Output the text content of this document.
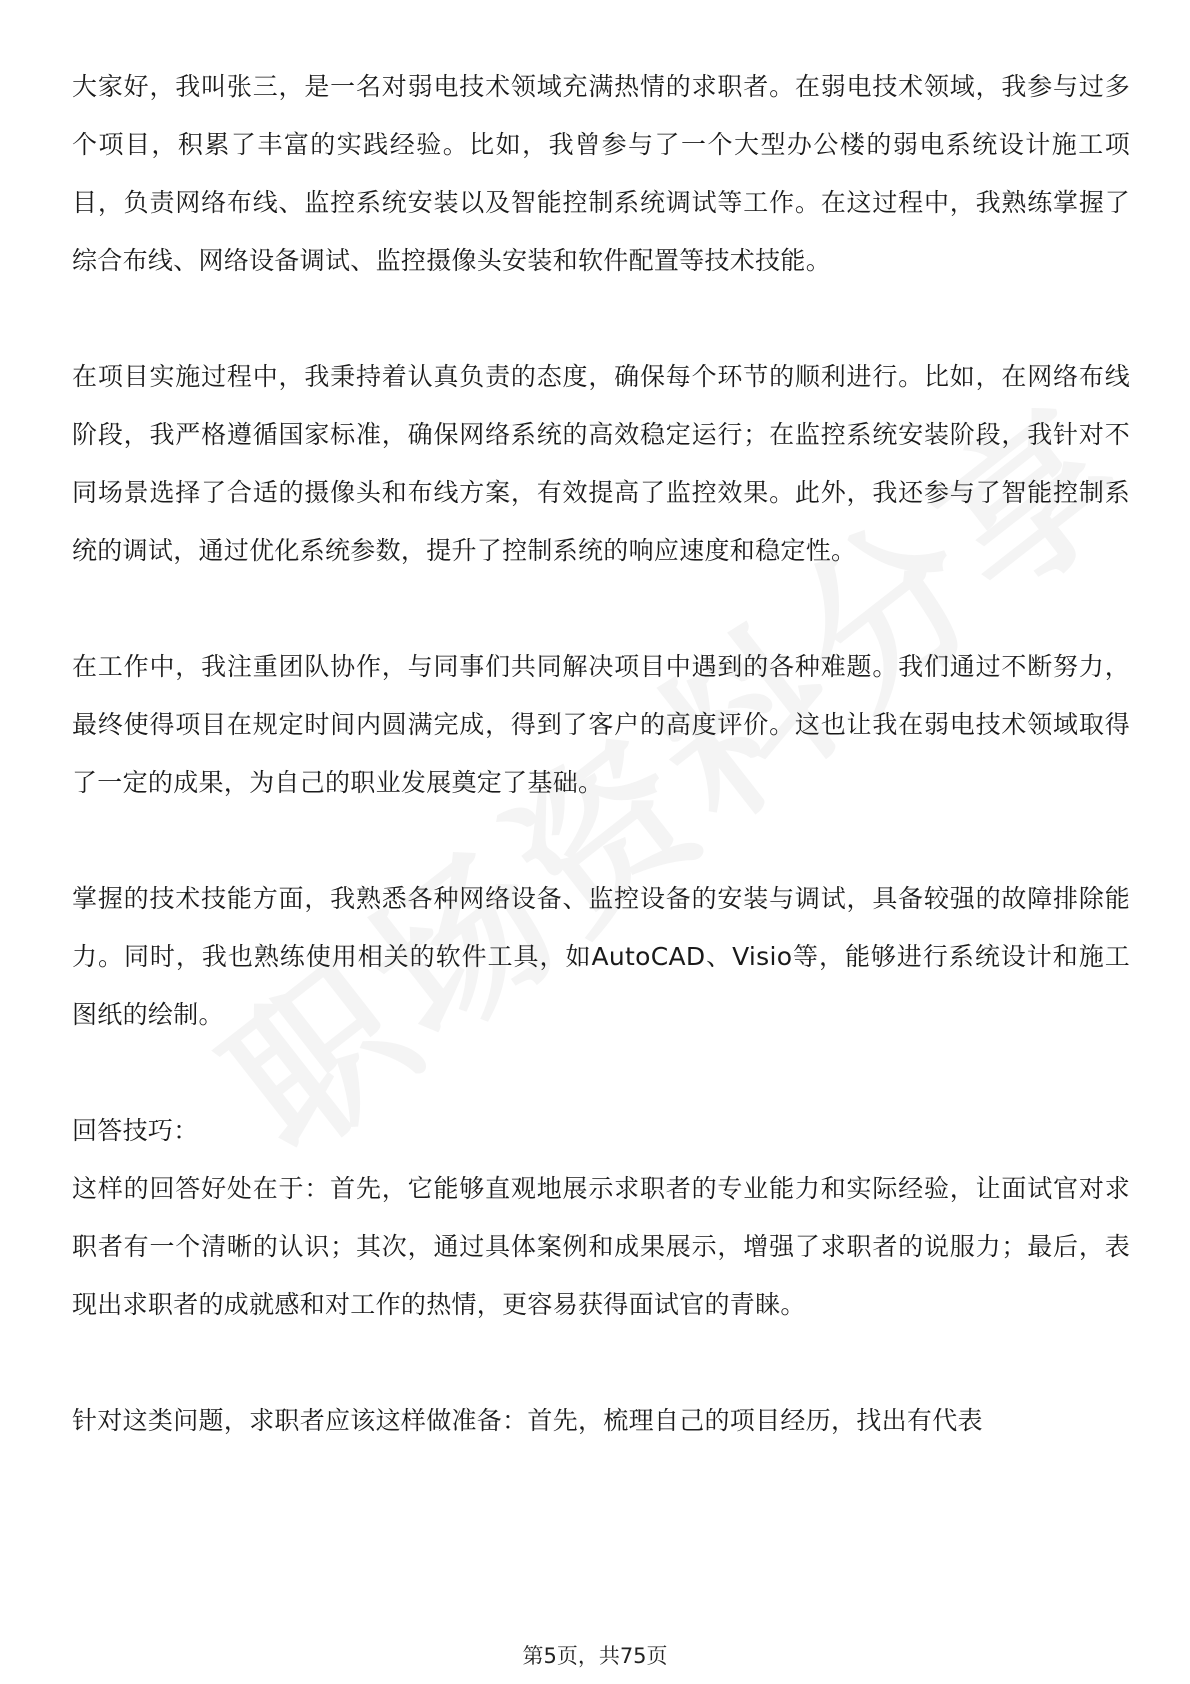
大家好，我叫张三，是一名对弱电技术领域充满热情的求职者。在弱电技术领域，我参与过多个项目，积累了丰富的实践经验。比如，我曾参与了一个大型办公楼的弱电系统设计施工项目，负责网络布线、监控系统安装以及智能控制系统调试等工作。在这过程中，我熟练掌握了综合布线、网络设备调试、监控摄像头安装和软件配置等技术技能。

在项目实施过程中，我秉持着认真负责的态度，确保每个环节的顺利进行。比如，在网络布线阶段，我严格遵循国家标准，确保网络系统的高效稳定运行；在监控系统安装阶段，我针对不同场景选择了合适的摄像头和布线方案，有效提高了监控效果。此外，我还参与了智能控制系统的调试，通过优化系统参数，提升了控制系统的响应速度和稳定性。

在工作中，我注重团队协作，与同事们共同解决项目中遇到的各种难题。我们通过不断努力，最终使得项目在规定时间内圆满完成，得到了客户的高度评价。这也让我在弱电技术领域取得了一定的成果，为自己的职业发展奠定了基础。

掌握的技术技能方面，我熟悉各种网络设备、监控设备的安装与调试，具备较强的故障排除能力。同时，我也熟练使用相关的软件工具，如AutoCAD、Visio等，能够进行系统设计和施工图纸的绘制。

回答技巧：

这样的回答好处在于：首先，它能够直观地展示求职者的专业能力和实际经验，让面试官对求职者有一个清晰的认识；其次，通过具体案例和成果展示，增强了求职者的说服力；最后，表现出求职者的成就感和对工作的热情，更容易获得面试官的青睐。

针对这类问题，求职者应该这样做准备：首先，梳理自己的项目经历，找出有代表

第5页，共75页
